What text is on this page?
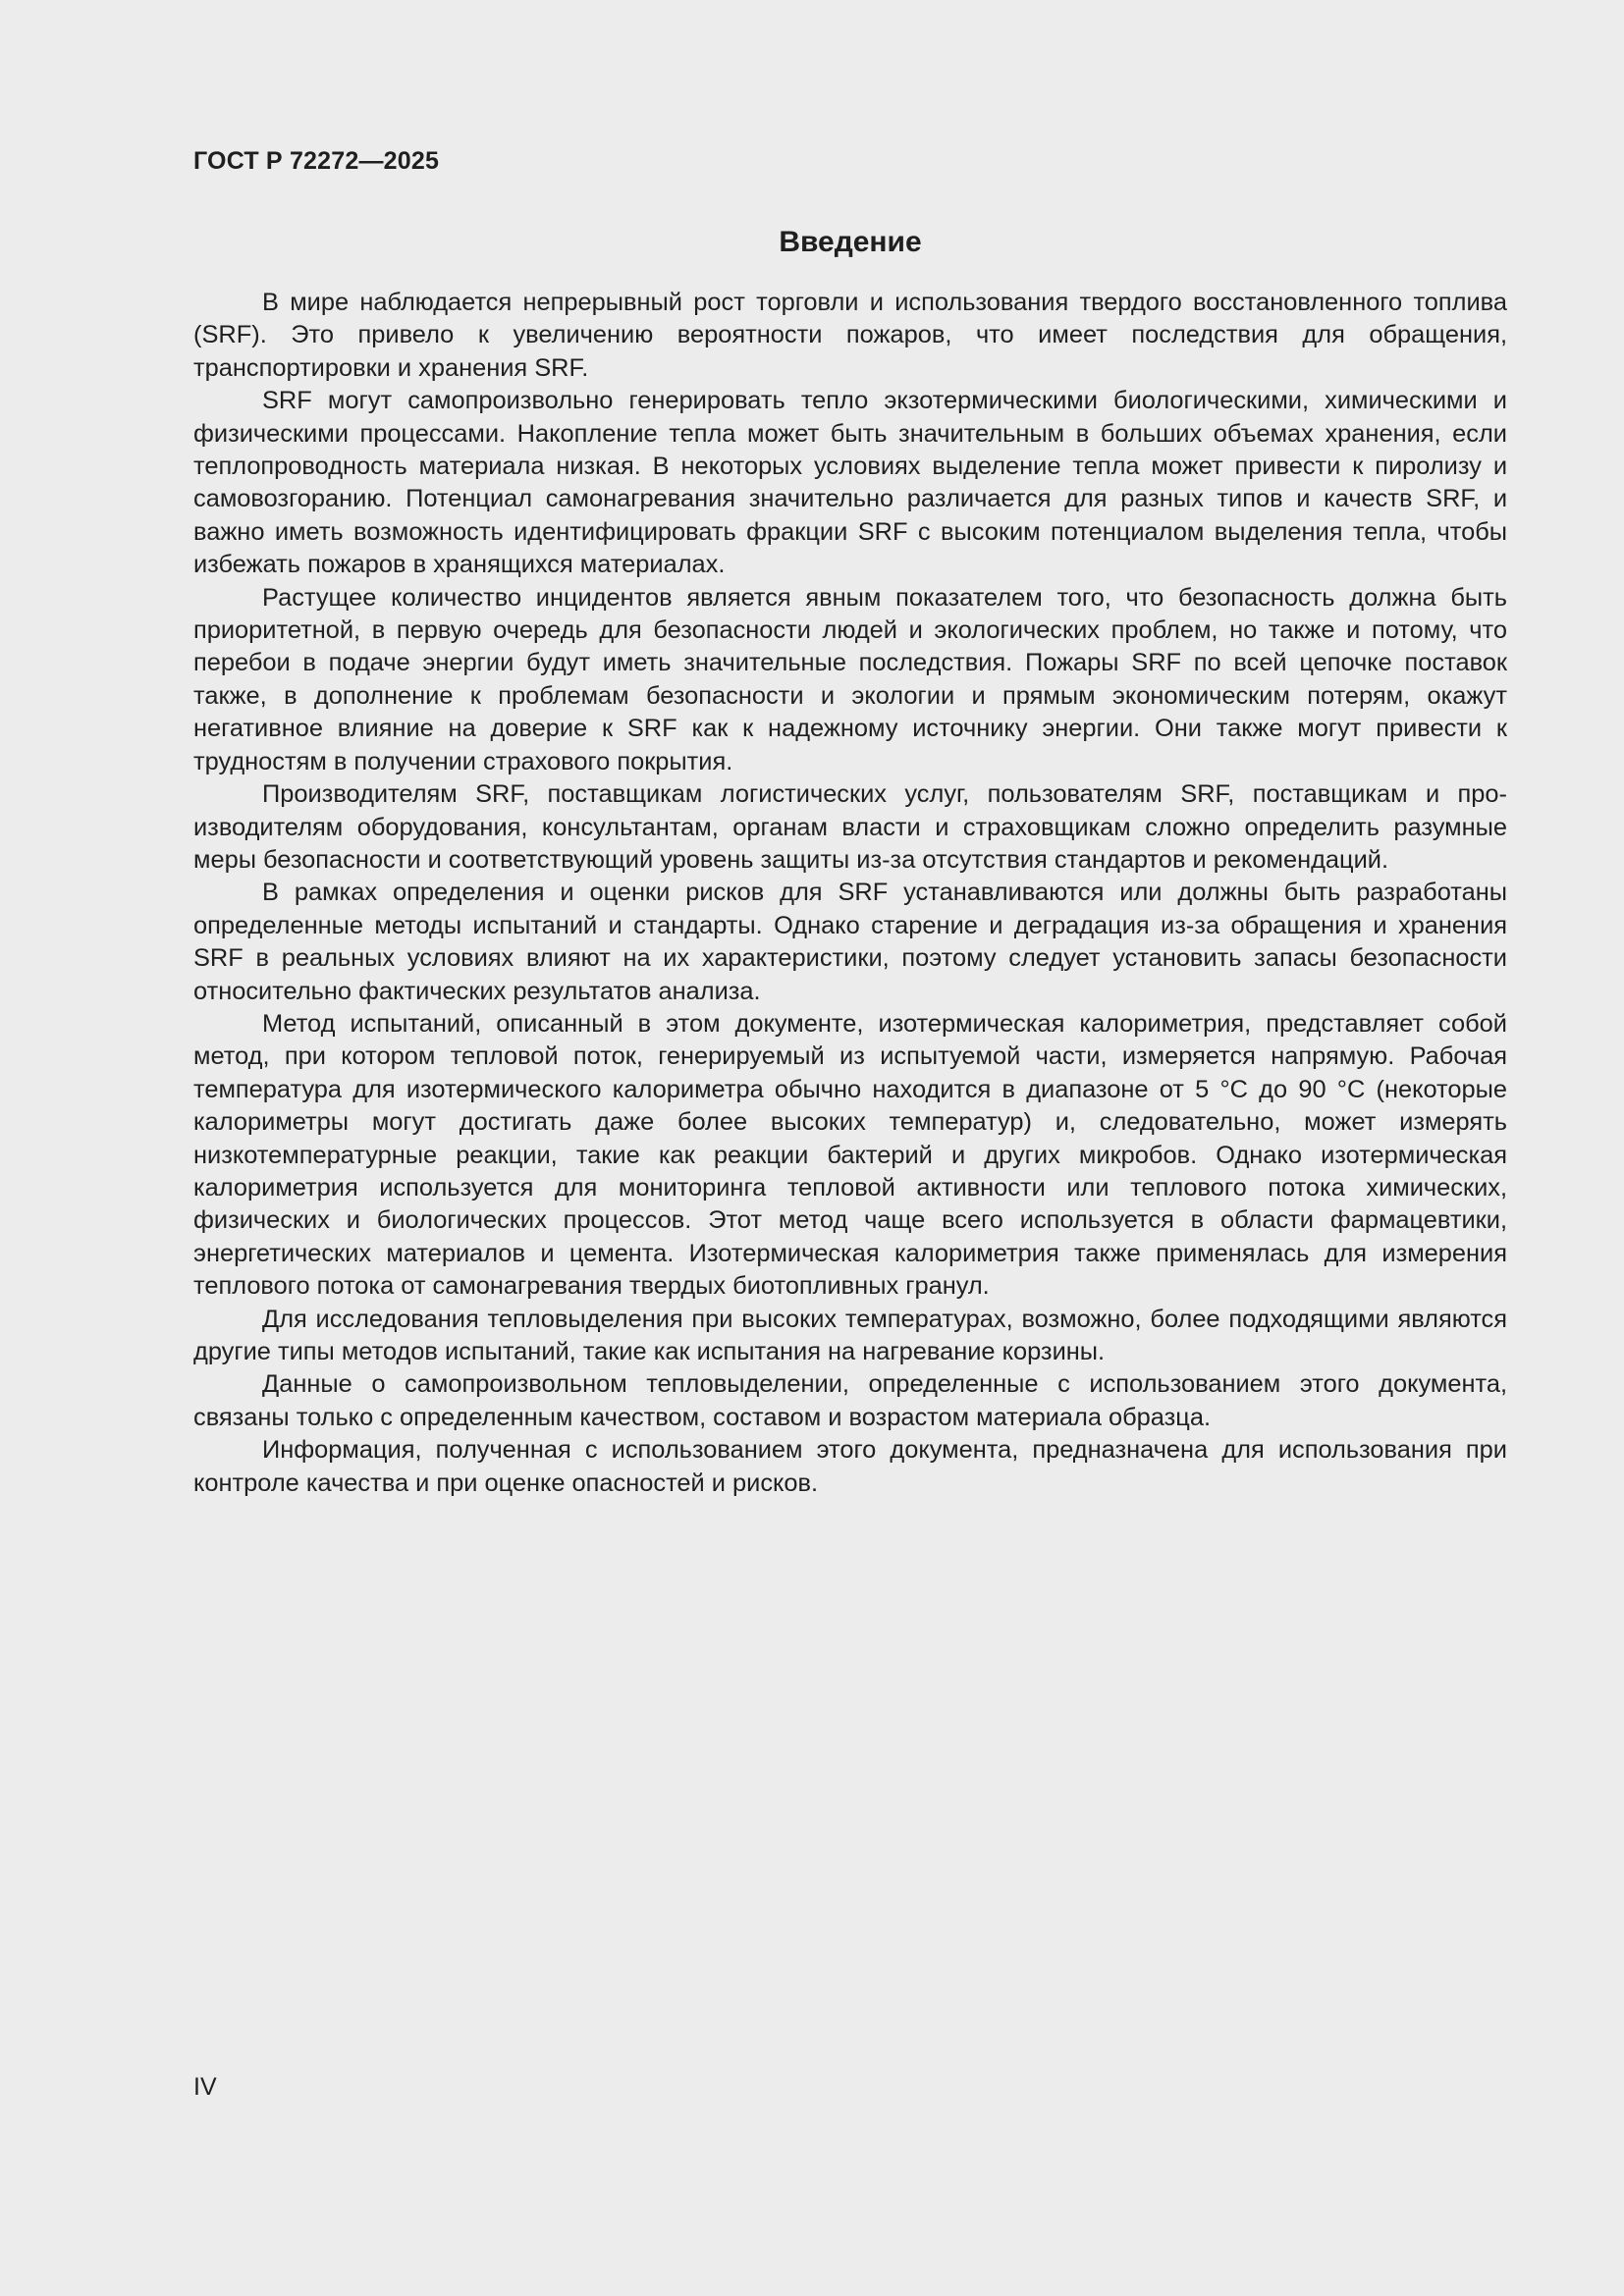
ГОСТ Р 72272—2025
Введение

В мире наблюдается непрерывный рост торговли и использования твердого восстановленного топлива (SRF). Это привело к увеличению вероятности пожаров, что имеет последствия для обращения, транспортировки и хранения SRF.

SRF могут самопроизвольно генерировать тепло экзотермическими биологическими, химическими и физическими процессами. Накопление тепла может быть значительным в больших объемах хранения, если теплопроводность материала низкая. В некоторых условиях выделение тепла может привести к пиролизу и самовозгоранию. Потенциал самонагревания значительно различается для разных типов и качеств SRF, и важно иметь возможность идентифицировать фракции SRF с высоким потенциалом выделения тепла, чтобы избежать пожаров в хранящихся материалах.

Растущее количество инцидентов является явным показателем того, что безопасность должна быть приоритетной, в первую очередь для безопасности людей и экологических проблем, но также и потому, что перебои в подаче энергии будут иметь значительные последствия. Пожары SRF по всей цепочке поставок также, в дополнение к проблемам безопасности и экологии и прямым экономическим потерям, окажут негативное влияние на доверие к SRF как к надежному источнику энергии. Они также могут привести к трудностям в получении страхового покрытия.

Производителям SRF, поставщикам логистических услуг, пользователям SRF, поставщикам и производителям оборудования, консультантам, органам власти и страховщикам сложно определить разумные меры безопасности и соответствующий уровень защиты из-за отсутствия стандартов и рекомендаций.

В рамках определения и оценки рисков для SRF устанавливаются или должны быть разработаны определенные методы испытаний и стандарты. Однако старение и деградация из-за обращения и хранения SRF в реальных условиях влияют на их характеристики, поэтому следует установить запасы безопасности относительно фактических результатов анализа.

Метод испытаний, описанный в этом документе, изотермическая калориметрия, представляет собой метод, при котором тепловой поток, генерируемый из испытуемой части, измеряется напрямую. Рабочая температура для изотермического калориметра обычно находится в диапазоне от 5 °С до 90 °С (некоторые калориметры могут достигать даже более высоких температур) и, следовательно, может измерять низкотемпературные реакции, такие как реакции бактерий и других микробов. Однако изотермическая калориметрия используется для мониторинга тепловой активности или теплового потока химических, физических и биологических процессов. Этот метод чаще всего используется в области фармацевтики, энергетических материалов и цемента. Изотермическая калориметрия также применялась для измерения теплового потока от самонагревания твердых биотопливных гранул.

Для исследования тепловыделения при высоких температурах, возможно, более подходящими являются другие типы методов испытаний, такие как испытания на нагревание корзины.

Данные о самопроизвольном тепловыделении, определенные с использованием этого документа, связаны только с определенным качеством, составом и возрастом материала образца.

Информация, полученная с использованием этого документа, предназначена для использования при контроле качества и при оценке опасностей и рисков.

IV
